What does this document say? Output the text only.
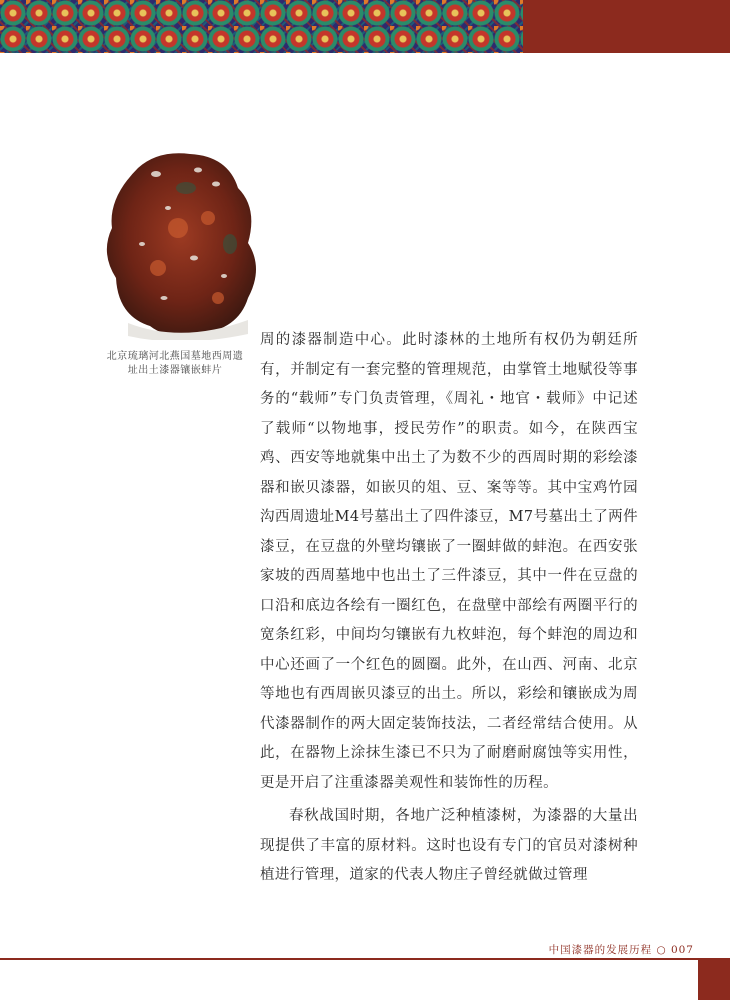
北京琉璃河北燕国墓地西周遗址出土漆器镶嵌蚌片

周的漆器制造中心。此时漆林的土地所有权仍为朝廷所有，并制定有一套完整的管理规范，由掌管土地赋役等事务的“载师”专门负责管理，《周礼・地官・载师》中记述了载师“以物地事，授民劳作”的职责。如今，在陕西宝鸡、西安等地就集中出土了为数不少的西周时期的彩绘漆器和嵌贝漆器，如嵌贝的俎、豆、案等等。其中宝鸡竹园沟西周遗址M4号墓出土了四件漆豆，M7号墓出土了两件漆豆，在豆盘的外壁均镶嵌了一圈蚌做的蚌泡。在西安张家坡的西周墓地中也出土了三件漆豆，其中一件在豆盘的口沿和底边各绘有一圈红色，在盘壁中部绘有两圈平行的宽条红彩，中间均匀镶嵌有九枚蚌泡，每个蚌泡的周边和中心还画了一个红色的圆圈。此外，在山西、河南、北京等地也有西周嵌贝漆豆的出土。所以，彩绘和镶嵌成为周代漆器制作的两大固定装饰技法，二者经常结合使用。从此，在器物上涂抹生漆已不只为了耐磨耐腐蚀等实用性，更是开启了注重漆器美观性和装饰性的历程。

春秋战国时期，各地广泛种植漆树，为漆器的大量出现提供了丰富的原材料。这时也设有专门的官员对漆树种植进行管理，道家的代表人物庄子曾经就做过管理

中国漆器的发展历程 ○ 007
